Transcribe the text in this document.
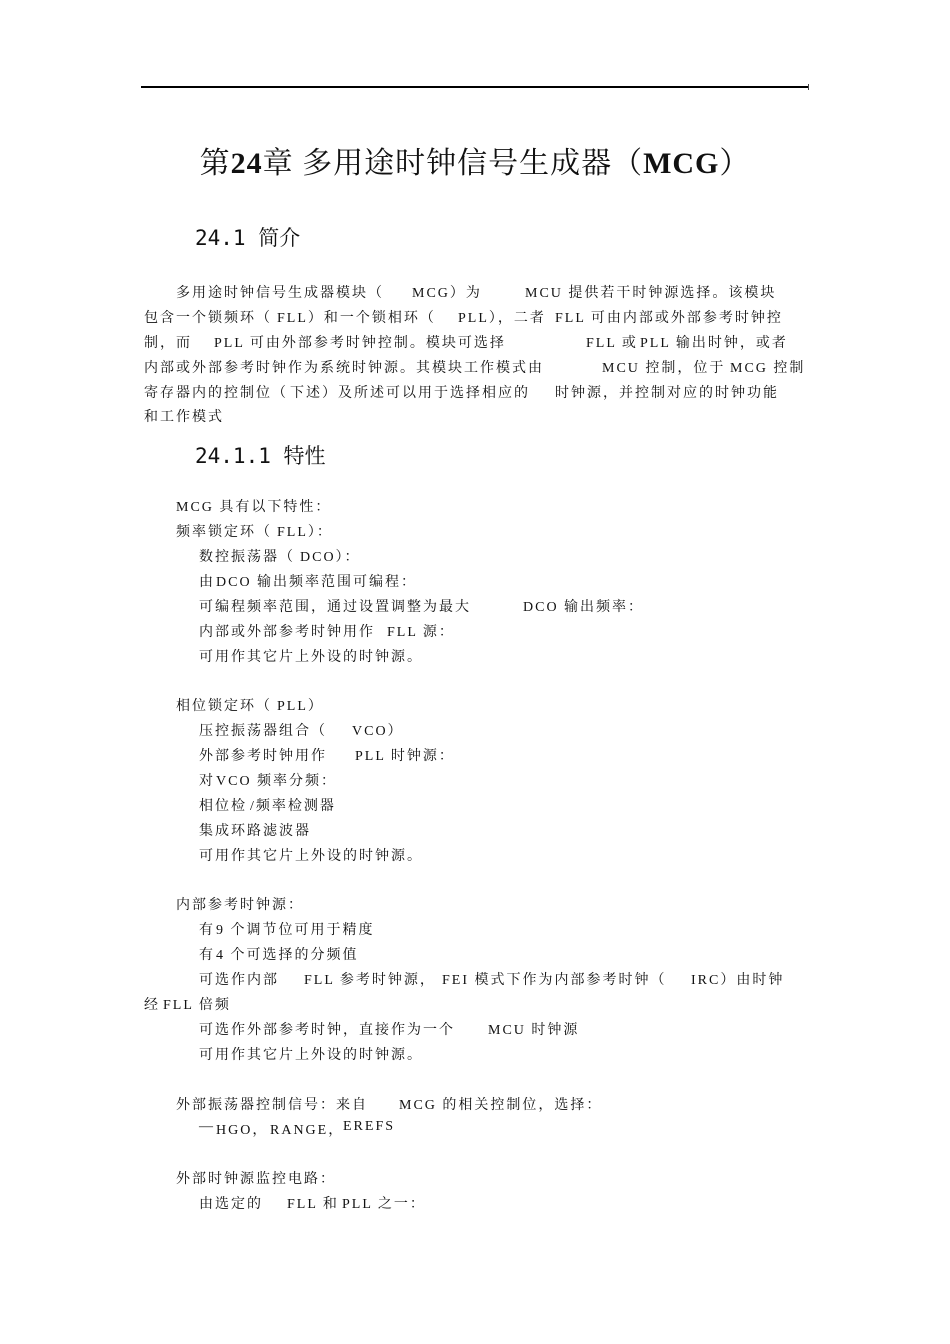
第24章 多用途时钟信号生成器（MCG）
24.1 简介
24.1.1 特性
多用途时钟信号生成器模块（ MCG）为	MCU 提供若干时钟源选择。该模块
包含一个锁频环（ FLL）和一个锁相环（ PLL），二者 FLL 可由内部或外部参考时钟控
制，而 PLL 可由外部参考时钟控制。模块可选择	FLL 或 PLL 输出时钟，或者
内部或外部参考时钟作为系统时钟源。其模块工作模式由	MCU 控制，位于 MCG 控制
寄存器内的控制位（ 下述）及所述可以用于选择相应的 时钟源，并控制对应的时钟功能
和工作模式
MCG 具有以下特性：
频率锁定环（ FLL）：
数控振荡器（ DCO）：
由 DCO 输出频率范围可编程：
可编程频率范围，通过设置调整为最大	DCO 输出频率：
内部或外部参考时钟用作 FLL 源：
可用作其它片上外设的时钟源。
相位锁定环（ PLL）
压控振荡器组合（ VCO）
外部参考时钟用作 PLL 时钟源：
对 VCO 频率分频：
相位检 /频率检测器
集成环路滤波器
可用作其它片上外设的时钟源。
内部参考时钟源：
有 9 个调节位可用于精度
有 4 个可选择的分频值
可选作内部 FLL 参考时钟源， FEI 模式下作为内部参考时钟（ IRC）由时钟
经 FLL 倍频
可选作外部参考时钟，直接作为一个 MCU 时钟源
可用作其它片上外设的时钟源。
外部振荡器控制信号：来自 MCG 的相关控制位，选择：
— HGO， RANGE，
EREFS
外部时钟源监控电路：
由选定的 FLL 和 PLL 之一：
